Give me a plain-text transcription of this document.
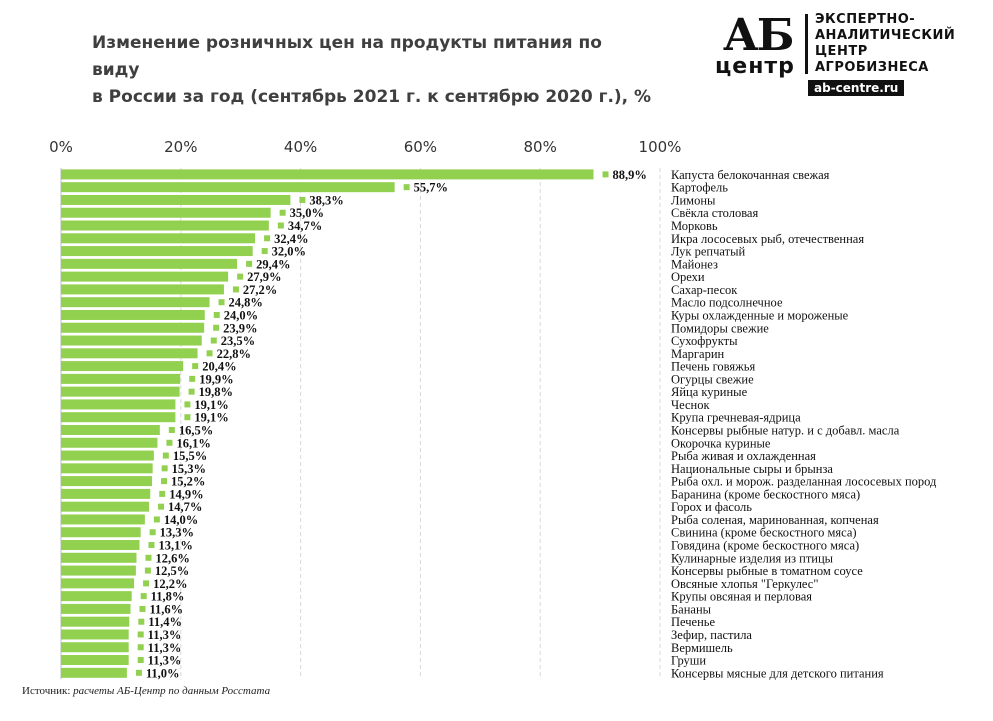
Изменение розничных цен на продукты питания по виду
в России за год (сентябрь 2021 г. к сентябрю 2020 г.), %
АБ
центр
ЭКСПЕРТНО-
АНАЛИТИЧЕСКИЙ
ЦЕНТР
АГРОБИЗНЕСА
ab-centre.ru
0%	20%	40%	60%	80%	100%
88,9% Капуста белокочанная свежая
55,7%	Картофель
38,3%	Лимоны
35,0%	Свёкла столовая
34,7%	Морковь
32,4%	Икра лососевых рыб, отечественная
32,0%	Лук репчатый
29,4%	Майонез
27,9%	Орехи
27,2%	Сахар-песок
24,8%	Масло подсолнечное
24,0%	Куры охлажденные и мороженые
23,9%	Помидоры свежие
23,5%	Сухофрукты
22,8%	Маргарин
20,4%	Печень говяжья
19,9%	Огурцы свежие
19,8%	Яйца куриные
19,1%	Чеснок
19,1%	Крупа гречневая-ядрица
16,5%	Консервы рыбные натур. и с добавл. масла
16,1%	Окорочка куриные
15,5%	Рыба живая и охлажденная
15,3%	Национальные сыры и брынза
15,2%	Рыба охл. и морож. разделанная лососевых пород
14,9%	Баранина (кроме бескостного мяса)
14,7%	Горох и фасоль
14,0%	Рыба соленая, маринованная, копченая
13,3%	Свинина (кроме бескостного мяса)
13,1%	Говядина (кроме бескостного мяса)
12,6%	Кулинарные изделия из птицы
12,5%	Консервы рыбные в томатном соусе
12,2%	Овсяные хлопья "Геркулес"
11,8%	Крупы овсяная и перловая
11,6%	Бананы
11,4%	Печенье
11,3%	Зефир, пастила
11,3%	Вермишель
11,3%	Груши
11,0%	Консервы мясные для детского питания
Источник: расчеты АБ-Центр по данным Росстата
